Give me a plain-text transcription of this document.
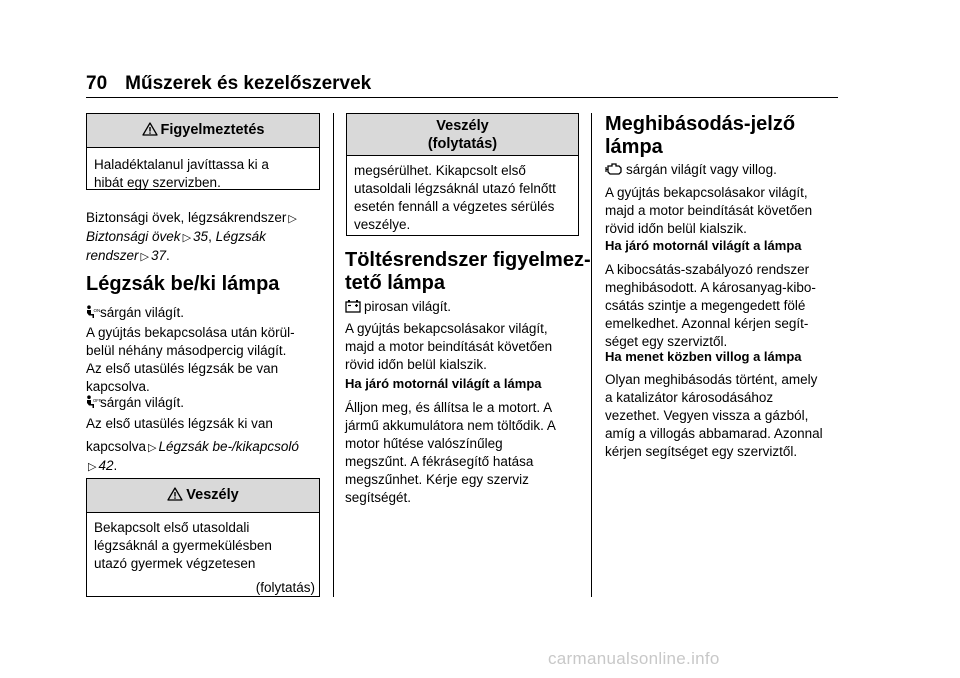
70 Műszerek és kezelőszervek
Figyelmeztetés
Haladéktalanul javíttassa ki a
hibát egy szervizben.
Biztonsági övek, légzsákrendszer ▷
Biztonsági övek ▷ 35, Légzsák
rendszer ▷ 37.
Légzsák be/ki lámpa
ON sárgán világít.
A gyújtás bekapcsolása után körül-
belül néhány másodpercig világít.
Az első utasülés légzsák be van
kapcsolva.
OFF
sárgán világít.
Az első utasülés légzsák ki van
kapcsolva ▷ Légzsák be-/kikapcsoló
▷ 42.
Veszély
Bekapcsolt első utasoldali
légzsáknál a gyermekülésben
utazó gyermek végzetesen
(folytatás)
Veszély
(folytatás)
megsérülhet. Kikapcsolt első
utasoldali légzsáknál utazó felnőtt
esetén fennáll a végzetes sérülés
veszélye.
Töltésrendszer figyelmez-
tető lámpa
pirosan világít.
A gyújtás bekapcsolásakor világít,
majd a motor beindítását követően
rövid időn belül kialszik.
Ha járó motornál világít a lámpa
Álljon meg, és állítsa le a motort. A
jármű akkumulátora nem töltődik. A
motor hűtése valószínűleg
megszűnt. A fékrásegítő hatása
megszűnhet. Kérje egy szerviz
segítségét.
Meghibásodás-jelző
lámpa
sárgán világít vagy villog.
A gyújtás bekapcsolásakor világít,
majd a motor beindítását követően
rövid időn belül kialszik.
Ha járó motornál világít a lámpa
A kibocsátás-szabályozó rendszer
meghibásodott. A károsanyag-kibo-
csátás szintje a megengedett fölé
emelkedhet. Azonnal kérjen segít-
séget egy szerviztől.
Ha menet közben villog a lámpa
Olyan meghibásodás történt, amely
a katalizátor károsodásához
vezethet. Vegyen vissza a gázból,
amíg a villogás abbamarad. Azonnal
kérjen segítséget egy szerviztől.
carmanualsonline.info
